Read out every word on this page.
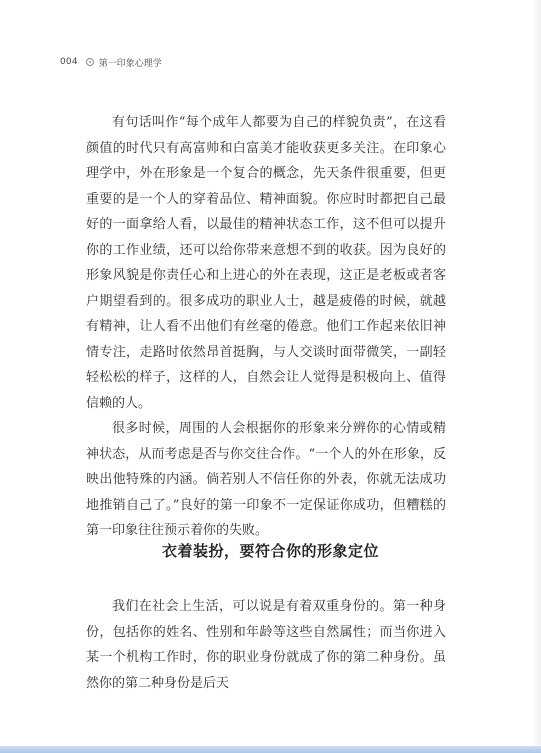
004 第一印象心理学

有句话叫作“每个成年人都要为自己的样貌负责”，在这看颜值的时代只有高富帅和白富美才能收获更多关注。在印象心理学中，外在形象是一个复合的概念，先天条件很重要，但更重要的是一个人的穿着品位、精神面貌。你应时时都把自己最好的一面拿给人看，以最佳的精神状态工作，这不但可以提升你的工作业绩，还可以给你带来意想不到的收获。因为良好的形象风貌是你责任心和上进心的外在表现，这正是老板或者客户期望看到的。很多成功的职业人士，越是疲倦的时候，就越有精神，让人看不出他们有丝毫的倦意。他们工作起来依旧神情专注，走路时依然昂首挺胸，与人交谈时面带微笑，一副轻轻松松的样子，这样的人，自然会让人觉得是积极向上、值得信赖的人。

很多时候，周围的人会根据你的形象来分辨你的心情或精神状态，从而考虑是否与你交往合作。“一个人的外在形象，反映出他特殊的内涵。倘若别人不信任你的外表，你就无法成功地推销自己了。”良好的第一印象不一定保证你成功，但糟糕的第一印象往往预示着你的失败。

衣着装扮，要符合你的形象定位

我们在社会上生活，可以说是有着双重身份的。第一种身份，包括你的姓名、性别和年龄等这些自然属性；而当你进入某一个机构工作时，你的职业身份就成了你的第二种身份。虽然你的第二种身份是后天
